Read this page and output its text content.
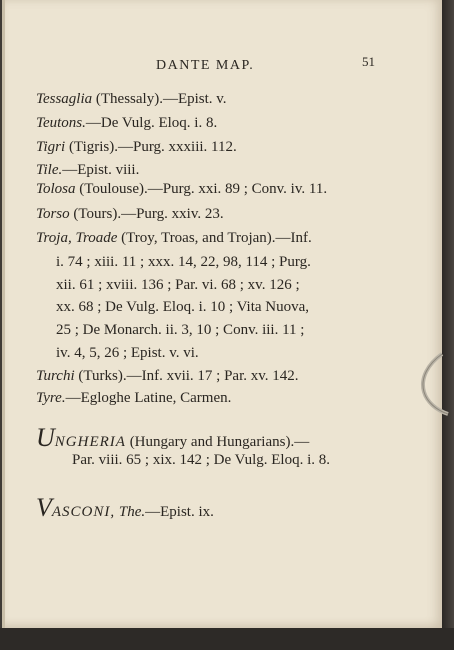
DANTE MAP.	51
Tessaglia (Thessaly).—Epist. v.
Teutons.—De Vulg. Eloq. i. 8.
Tigri (Tigris).—Purg. xxxiii. 112.
Tile.—Epist. viii.
Tolosa (Toulouse).—Purg. xxi. 89 ; Conv. iv. 11.
Torso (Tours).—Purg. xxiv. 23.
Troja, Troade (Troy, Troas, and Trojan).—Inf.
i. 74 ; xiii. 11 ; xxx. 14, 22, 98, 114 ; Purg.
xii. 61 ; xviii. 136 ; Par. vi. 68 ; xv. 126 ;
xx. 68 ; De Vulg. Eloq. i. 10 ; Vita Nuova,
25 ; De Monarch. ii. 3, 10 ; Conv. iii. 11 ;
iv. 4, 5, 26 ; Epist. v. vi.
Turchi (Turks).—Inf. xvii. 17 ; Par. xv. 142.
Tyre.—Egloghe Latine, Carmen.
UNGHERIA (Hungary and Hungarians).—
Par. viii. 65 ; xix. 142 ; De Vulg. Eloq. i. 8.
VASCONI, The.—Epist. ix.
